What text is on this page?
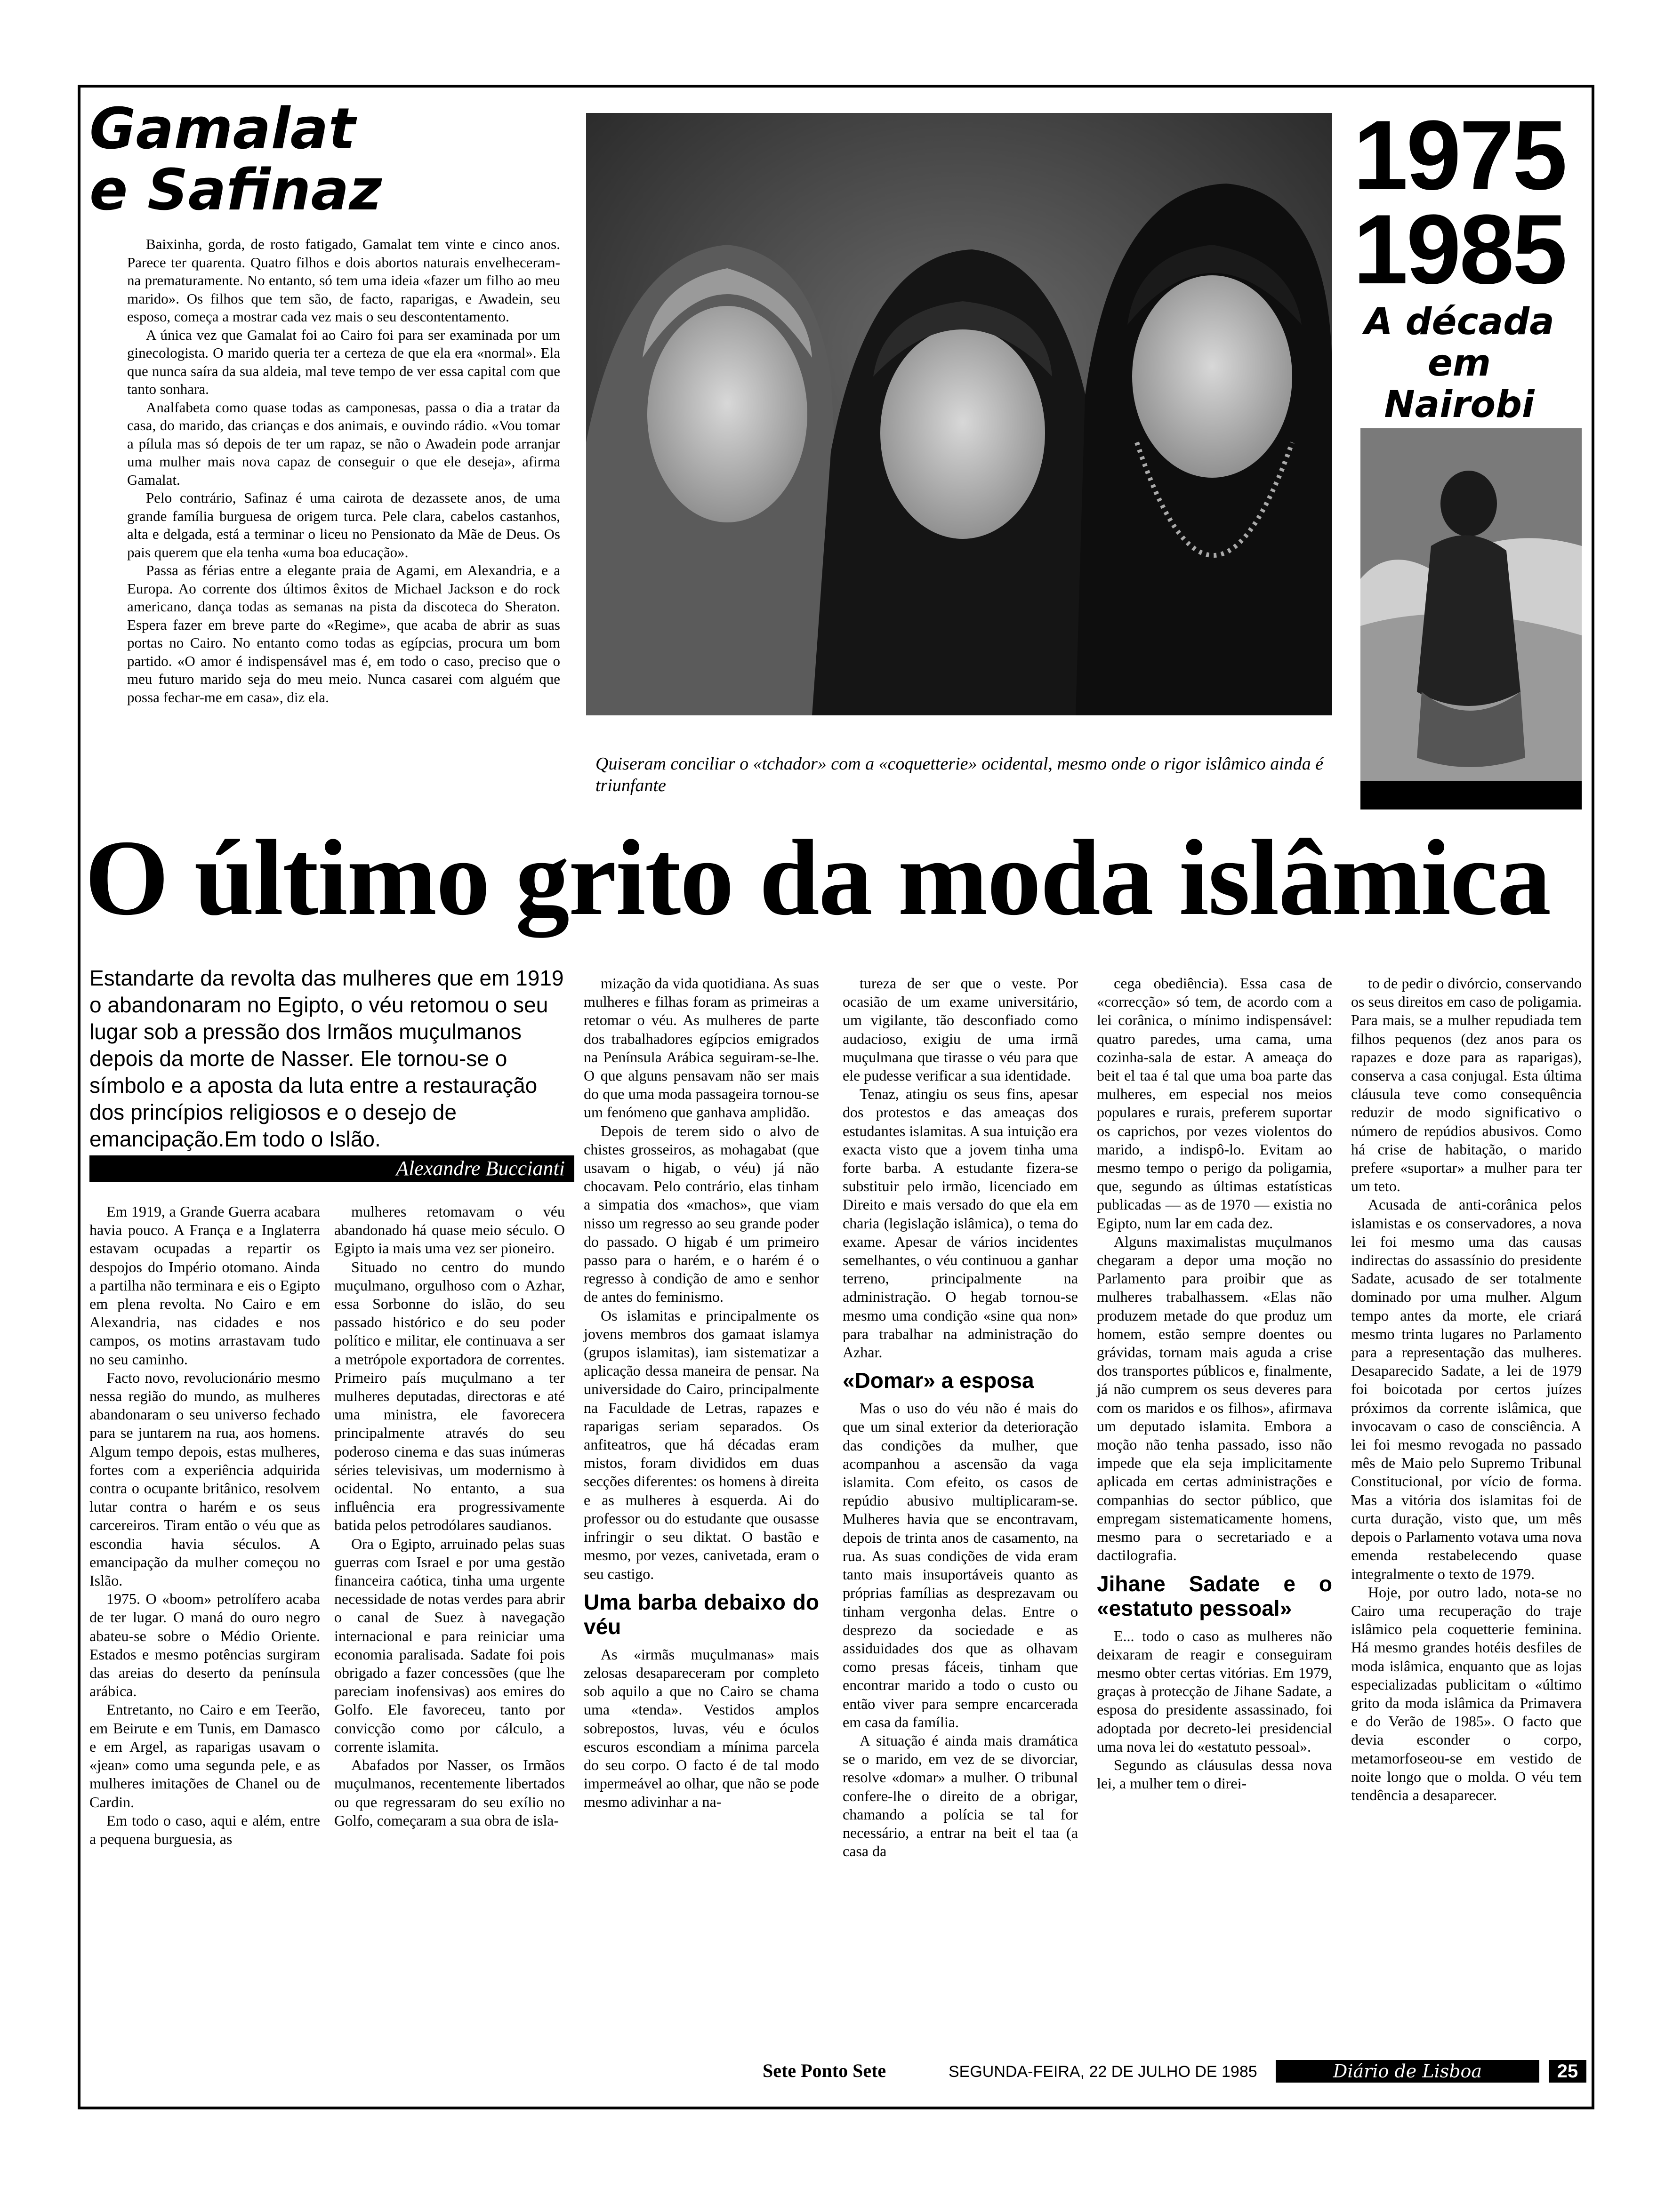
Gamalat
e Safinaz

Baixinha, gorda, de rosto fatigado, Gamalat tem vinte e cinco anos. Parece ter quarenta. Quatro filhos e dois abortos naturais envelheceram-na prematuramente. No entanto, só tem uma ideia «fazer um filho ao meu marido». Os filhos que tem são, de facto, raparigas, e Awadein, seu esposo, começa a mostrar cada vez mais o seu descontentamento.

A única vez que Gamalat foi ao Cairo foi para ser examinada por um ginecologista. O marido queria ter a certeza de que ela era «normal». Ela que nunca saíra da sua aldeia, mal teve tempo de ver essa capital com que tanto sonhara.

Analfabeta como quase todas as camponesas, passa o dia a tratar da casa, do marido, das crianças e dos animais, e ouvindo rádio. «Vou tomar a pílula mas só depois de ter um rapaz, se não o Awadein pode arranjar uma mulher mais nova capaz de conseguir o que ele deseja», afirma Gamalat.

Pelo contrário, Safinaz é uma cairota de dezassete anos, de uma grande família burguesa de origem turca. Pele clara, cabelos castanhos, alta e delgada, está a terminar o liceu no Pensionato da Mãe de Deus. Os pais querem que ela tenha «uma boa educação».

Passa as férias entre a elegante praia de Agami, em Alexandria, e a Europa. Ao corrente dos últimos êxitos de Michael Jackson e do rock americano, dança todas as semanas na pista da discoteca do Sheraton. Espera fazer em breve parte do «Regime», que acaba de abrir as suas portas no Cairo. No entanto como todas as egípcias, procura um bom partido. «O amor é indispensável mas é, em todo o caso, preciso que o meu futuro marido seja do meu meio. Nunca casarei com alguém que possa fechar-me em casa», diz ela.

Quiseram conciliar o «tchador» com a «coquetterie» ocidental, mesmo onde o rigor islâmico ainda é triunfante
1975
1985
A década
em
Nairobi
O último grito da moda islâmica
Estandarte da revolta das mulheres que em 1919 o abandonaram no Egipto, o véu retomou o seu lugar sob a pressão dos Irmãos muçulmanos depois da morte de Nasser. Ele tornou-se o símbolo e a aposta da luta entre a restauração dos princípios religiosos e o desejo de emancipação.Em todo o Islão.
Alexandre Buccianti

Em 1919, a Grande Guerra acabara havia pouco. A França e a Inglaterra estavam ocupadas a repartir os despojos do Império otomano. Ainda a partilha não terminara e eis o Egipto em plena revolta. No Cairo e em Alexandria, nas cidades e nos campos, os motins arrastavam tudo no seu caminho.

Facto novo, revolucionário mesmo nessa região do mundo, as mulheres abandonaram o seu universo fechado para se juntarem na rua, aos homens. Algum tempo depois, estas mulheres, fortes com a experiência adquirida contra o ocupante britânico, resolvem lutar contra o harém e os seus carcereiros. Tiram então o véu que as escondia havia séculos. A emancipação da mulher começou no Islão.

1975. O «boom» petrolífero acaba de ter lugar. O maná do ouro negro abateu-se sobre o Médio Oriente. Estados e mesmo potências surgiram das areias do deserto da península arábica.

Entretanto, no Cairo e em Teerão, em Beirute e em Tunis, em Damasco e em Argel, as raparigas usavam o «jean» como uma segunda pele, e as mulheres imitações de Chanel ou de Cardin.

Em todo o caso, aqui e além, entre a pequena burguesia, as

mulheres retomavam o véu abandonado há quase meio século. O Egipto ia mais uma vez ser pioneiro.

Situado no centro do mundo muçulmano, orgulhoso com o Azhar, essa Sorbonne do islão, do seu passado histórico e do seu poder político e militar, ele continuava a ser a metrópole exportadora de correntes. Primeiro país muçulmano a ter mulheres deputadas, directoras e até uma ministra, ele favorecera principalmente através do seu poderoso cinema e das suas inúmeras séries televisivas, um modernismo à ocidental. No entanto, a sua influência era progressivamente batida pelos petrodólares saudianos.

Ora o Egipto, arruinado pelas suas guerras com Israel e por uma gestão financeira caótica, tinha uma urgente necessidade de notas verdes para abrir o canal de Suez à navegação internacional e para reiniciar uma economia paralisada. Sadate foi pois obrigado a fazer concessões (que lhe pareciam inofensivas) aos emires do Golfo. Ele favoreceu, tanto por convicção como por cálculo, a corrente islamita.

Abafados por Nasser, os Irmãos muçulmanos, recentemente libertados ou que regressaram do seu exílio no Golfo, começaram a sua obra de isla-

mização da vida quotidiana. As suas mulheres e filhas foram as primeiras a retomar o véu. As mulheres de parte dos trabalhadores egípcios emigrados na Península Arábica seguiram-se-lhe. O que alguns pensavam não ser mais do que uma moda passageira tornou-se um fenómeno que ganhava amplidão.

Depois de terem sido o alvo de chistes grosseiros, as mohagabat (que usavam o higab, o véu) já não chocavam. Pelo contrário, elas tinham a simpatia dos «machos», que viam nisso um regresso ao seu grande poder do passado. O higab é um primeiro passo para o harém, e o harém é o regresso à condição de amo e senhor de antes do feminismo.

Os islamitas e principalmente os jovens membros dos gamaat islamya (grupos islamitas), iam sistematizar a aplicação dessa maneira de pensar. Na universidade do Cairo, principalmente na Faculdade de Letras, rapazes e raparigas seriam separados. Os anfiteatros, que há décadas eram mistos, foram divididos em duas secções diferentes: os homens à direita e as mulheres à esquerda. Ai do professor ou do estudante que ousasse infringir o seu diktat. O bastão e mesmo, por vezes, canivetada, eram o seu castigo.

Uma barba debaixo do véu

As «irmãs muçulmanas» mais zelosas desapareceram por completo sob aquilo a que no Cairo se chama uma «tenda». Vestidos amplos sobrepostos, luvas, véu e óculos escuros escondiam a mínima parcela do seu corpo. O facto é de tal modo impermeável ao olhar, que não se pode mesmo adivinhar a na-

tureza de ser que o veste. Por ocasião de um exame universitário, um vigilante, tão desconfiado como audacioso, exigiu de uma irmã muçulmana que tirasse o véu para que ele pudesse verificar a sua identidade.

Tenaz, atingiu os seus fins, apesar dos protestos e das ameaças dos estudantes islamitas. A sua intuição era exacta visto que a jovem tinha uma forte barba. A estudante fizera-se substituir pelo irmão, licenciado em Direito e mais versado do que ela em charia (legislação islâmica), o tema do exame. Apesar de vários incidentes semelhantes, o véu continuou a ganhar terreno, principalmente na administração. O hegab tornou-se mesmo uma condição «sine qua non» para trabalhar na administração do Azhar.

«Domar» a esposa

Mas o uso do véu não é mais do que um sinal exterior da deterioração das condições da mulher, que acompanhou a ascensão da vaga islamita. Com efeito, os casos de repúdio abusivo multiplicaram-se. Mulheres havia que se encontravam, depois de trinta anos de casamento, na rua. As suas condições de vida eram tanto mais insuportáveis quanto as próprias famílias as desprezavam ou tinham vergonha delas. Entre o desprezo da sociedade e as assiduidades dos que as olhavam como presas fáceis, tinham que encontrar marido a todo o custo ou então viver para sempre encarcerada em casa da família.

A situação é ainda mais dramática se o marido, em vez de se divorciar, resolve «domar» a mulher. O tribunal confere-lhe o direito de a obrigar, chamando a polícia se tal for necessário, a entrar na beit el taa (a casa da

cega obediência). Essa casa de «correcção» só tem, de acordo com a lei corânica, o mínimo indispensável: quatro paredes, uma cama, uma cozinha-sala de estar. A ameaça do beit el taa é tal que uma boa parte das mulheres, em especial nos meios populares e rurais, preferem suportar os caprichos, por vezes violentos do marido, a indispô-lo. Evitam ao mesmo tempo o perigo da poligamia, que, segundo as últimas estatísticas publicadas — as de 1970 — existia no Egipto, num lar em cada dez.

Alguns maximalistas muçulmanos chegaram a depor uma moção no Parlamento para proibir que as mulheres trabalhassem. «Elas não produzem metade do que produz um homem, estão sempre doentes ou grávidas, tornam mais aguda a crise dos transportes públicos e, finalmente, já não cumprem os seus deveres para com os maridos e os filhos», afirmava um deputado islamita. Embora a moção não tenha passado, isso não impede que ela seja implicitamente aplicada em certas administrações e companhias do sector público, que empregam sistematicamente homens, mesmo para o secretariado e a dactilografia.

Jihane Sadate e o «estatuto pessoal»

E... todo o caso as mulheres não deixaram de reagir e conseguiram mesmo obter certas vitórias. Em 1979, graças à protecção de Jihane Sadate, a esposa do presidente assassinado, foi adoptada por decreto-lei presidencial uma nova lei do «estatuto pessoal».

Segundo as cláusulas dessa nova lei, a mulher tem o direi-

to de pedir o divórcio, conservando os seus direitos em caso de poligamia. Para mais, se a mulher repudiada tem filhos pequenos (dez anos para os rapazes e doze para as raparigas), conserva a casa conjugal. Esta última cláusula teve como consequência reduzir de modo significativo o número de repúdios abusivos. Como há crise de habitação, o marido prefere «suportar» a mulher para ter um teto.

Acusada de anti-corânica pelos islamistas e os conservadores, a nova lei foi mesmo uma das causas indirectas do assassínio do presidente Sadate, acusado de ser totalmente dominado por uma mulher. Algum tempo antes da morte, ele criará mesmo trinta lugares no Parlamento para a representação das mulheres. Desaparecido Sadate, a lei de 1979 foi boicotada por certos juízes próximos da corrente islâmica, que invocavam o caso de consciência. A lei foi mesmo revogada no passado mês de Maio pelo Supremo Tribunal Constitucional, por vício de forma. Mas a vitória dos islamitas foi de curta duração, visto que, um mês depois o Parlamento votava uma nova emenda restabelecendo quase integralmente o texto de 1979.

Hoje, por outro lado, nota-se no Cairo uma recuperação do traje islâmico pela coquetterie feminina. Há mesmo grandes hotéis desfiles de moda islâmica, enquanto que as lojas especializadas publicitam o «último grito da moda islâmica da Primavera e do Verão de 1985». O facto que devia esconder o corpo, metamorfoseou-se em vestido de noite longo que o molda. O véu tem tendência a desaparecer.

Sete Ponto Sete	SEGUNDA-FEIRA, 22 DE JULHO DE 1985	Diário de Lisboa	25
